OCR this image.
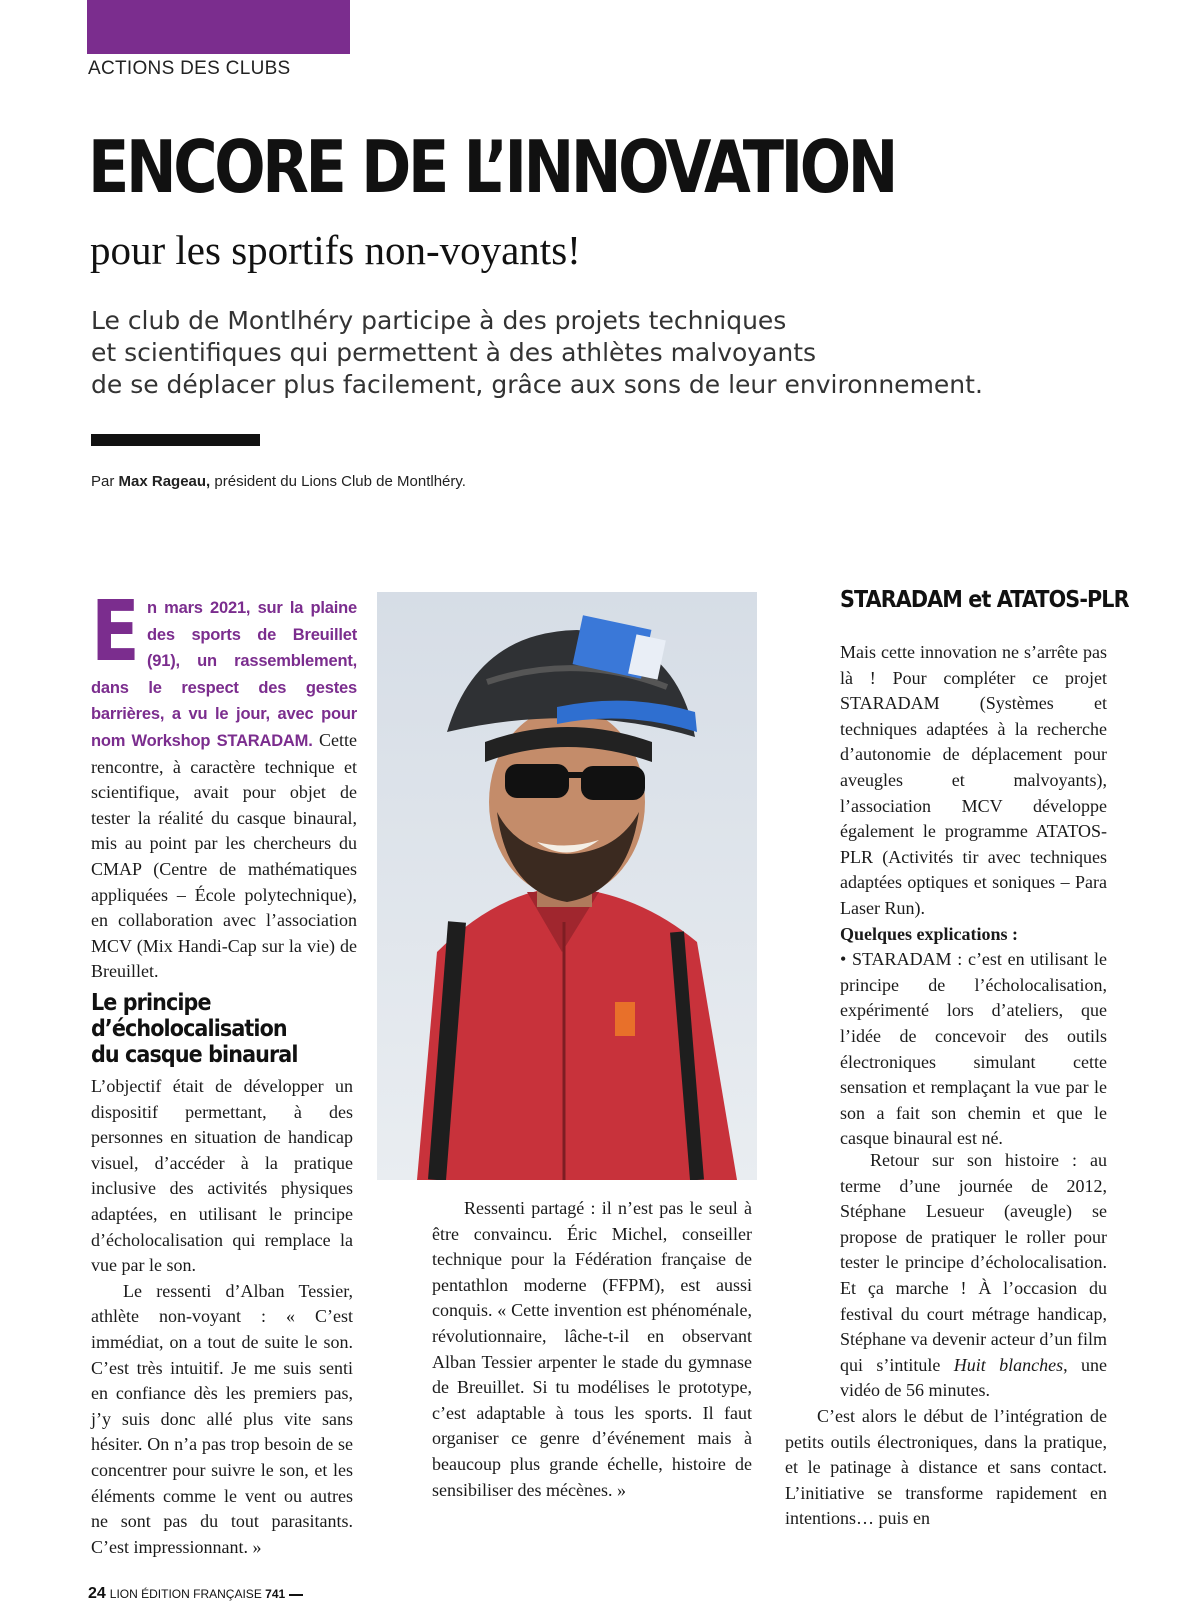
ACTIONS DES CLUBS
ENCORE DE L’INNOVATION
pour les sportifs non-voyants!
Le club de Montlhéry participe à des projets techniques
et scientifiques qui permettent à des athlètes malvoyants
de se déplacer plus facilement, grâce aux sons de leur environnement.
Par Max Rageau, président du Lions Club de Montlhéry.
E n mars 2021, sur la plaine des sports de Breuillet (91), un rassemblement, dans le respect des gestes barrières, a vu le jour, avec pour nom Workshop STARADAM. Cette rencontre, à caractère technique et scientifique, avait pour objet de tester la réalité du casque binaural, mis au point par les chercheurs du CMAP (Centre de mathématiques appliquées – École polytechnique), en collaboration avec l’association MCV (Mix Handi-Cap sur la vie) de Breuillet.
Le principe
d’écholocalisation
du casque binaural

L’objectif était de développer un dispositif permettant, à des personnes en situation de handicap visuel, d’accéder à la pratique inclusive des activités physiques adaptées, en utilisant le principe d’écholocalisation qui remplace la vue par le son.

Le ressenti d’Alban Tessier, athlète non-voyant : « C’est immédiat, on a tout de suite le son. C’est très intuitif. Je me suis senti en confiance dès les premiers pas, j’y suis donc allé plus vite sans hésiter. On n’a pas trop besoin de se concentrer pour suivre le son, et les éléments comme le vent ou autres ne sont pas du tout parasitants. C’est impressionnant. »

Ressenti partagé : il n’est pas le seul à être convaincu. Éric Michel, conseiller technique pour la Fédération française de pentathlon moderne (FFPM), est aussi conquis. « Cette invention est phénoménale, révolutionnaire, lâche-t-il en observant Alban Tessier arpenter le stade du gymnase de Breuillet. Si tu modélises le prototype, c’est adaptable à tous les sports. Il faut organiser ce genre d’événement mais à beaucoup plus grande échelle, histoire de sensibiliser des mécènes. »

STARADAM et ATATOS-PLR

Mais cette innovation ne s’arrête pas là ! Pour compléter ce projet STARADAM (Systèmes et techniques adaptées à la recherche d’autonomie de déplacement pour aveugles et malvoyants), l’association MCV développe également le programme ATATOS-PLR (Activités tir avec techniques adaptées optiques et soniques – Para Laser Run).

Quelques explications :

• STARADAM : c’est en utilisant le principe de l’écholocalisation, expérimenté lors d’ateliers, que l’idée de concevoir des outils électroniques simulant cette sensation et remplaçant la vue par le son a fait son chemin et que le casque binaural est né.

Retour sur son histoire : au terme d’une journée de 2012, Stéphane Lesueur (aveugle) se propose de pratiquer le roller pour tester le principe d’écholocalisation. Et ça marche ! À l’occasion du festival du court métrage handicap, Stéphane va devenir acteur d’un film qui s’intitule Huit blanches, une vidéo de 56 minutes.

C’est alors le début de l’intégration de petits outils électroniques, dans la pratique, et le patinage à distance et sans contact. L’initiative se transforme rapidement en intentions… puis en

24 LION ÉDITION FRANÇAISE 741
